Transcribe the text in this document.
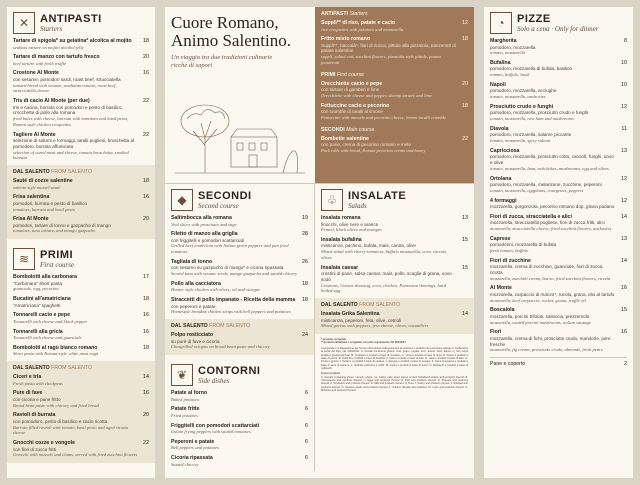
✕ ANTIPASTI
Starters
Tartare di spigola* su gelatina* alcolica al mojito
seabass tartare on mojito alcohol jelly
18
Tartare di manzo con tartufo fresco
beef tartare with fresh truffle
20
Crostone Al Monte
con sesame, pomodori sardi, roast beef, stracciatella
toasted bread with sesame, sardinian tomato, roast beef, stracciatella cheese
16
Tris di cacio Al Monte (per due)
tris e cacina, burrata con pomodori e pesto di basilico, crocchette di pollo alla romana
fried bates with cheese, burrata with tomatoes and basil pesto, Roman style chicken croquettes
22
Tagliere Al Monte
selezione di salumi e formaggi, taralli pugliesi, bruschetta al pomodoro, burrata affumicata
selection of cured meat and cheese, tomato bruschetta, smoked burrata
22
DAL SALENTO FROM SALENTO
Sauté di cozze salentine
salento style mussel sauté
18
Frisa salentina
pomodori, burrata e pesto di basilico
tomatoes, burrata and basil pesto
16
Frisa Al Monte
pomodori, tartare di tonno e gazpacho di mango
tomatoes, tuna tartare, and mango gazpacho
20
≋ PRIMI
First course
Bombolotti alla carbonara
"Carbonara" short pasta
guanciale, egg, pecorino
17
Bucatini all'amatriciana
"Amatriciana" spaghetti
18
Tonnarelli cacio e pepe
Tonnarelli with cheese and black pepper
16
Tonnarelli alla gricia
Tonnarelli with cheese and guanciale
16
Bombolotti al ragù bianco romano
Short pasta with Roman-style white meat ragù
18
DAL SALENTO FROM SALENTO
Ciceri e tria
Fresh pasta with chickpeas
14
Pure di fave
con cicoria e pane fritto
Broad bean paste with chicory and fried bread
16
Ravioli di burrata
con pomodoro, pesto di basilico e cacio ricotta
Burrata filled ravioli with tomato, basil pesto and aged ricotta cheese
20
Gnocchi cozze e vongole
con fiori di zucca fritti
Gnocchi with mussels and clams, served with fried zucchini flowers
22
Cuore Romano,
Animo Salentino.
Un viaggio tra due tradizioni culinarie
ricche di sapori
ANTIPASTI Starters
Supplì** di riso, patate e cacio
rice croquettes with potatoes and mozzarella
12
Fritto misto romano
Supplì**, baccalà*, fiori di zucca, pittule alla pizzaiola, panzerotti di patate salentine
supplì, salted cod, zucchini flowers, pizzaiola style pittule, potato panzerotti
18
PRIMI First course
Orecchiette cacio e pepe
con tartare di gamberi e lime
Orecchiette with cheese and pepper, shrimp tartare and lime
20
Fettuccine cacio e pecorino
con crumble di taralli al limone
Fettuccine with mussels and pecorino cheese, lemon taralli crumble
18
SECONDI Main course
Bombette salentine
con pane, crema di pecorino romano e mele
Pork rolls with bread, Roman pecorino cream and honey
22
◆	SECONDI
Second course
Saltimbocca alla romana
Veal slices with prosciutto and sage
19
Filetto di manzo alla griglia
con friggitelli e pomodori scattarciati
Grilled beef tenderloin with Italian green peppers and pan fried tomatoes
28
Tagliata di tonno
con sesamo su gazpacho di mango* e cicoria ripassata
Seared tuna with sesame seeds, mango gazpacho and sautéd chicory
26
Pollo alla cacciatora
Hunter style chicken with olives, oil and vinegar
18
Straccetti di pollo impanato - Ricetta della mamma
con peperoni e patate
Homestyle breaded chicken strips with bell peppers and potatoes
18
DAL SALENTO FROM SALENTO
Polpo rosticciato
su purè di fave e cicoria
Chargrilled octopus on broad bean paste and chicory
24
❦ CONTORNI
Side dishes
Patate al forno
Baked potatoes
6
Patate fritte
Fried potatoes
6
Friggitelli con pomodori scattarciati
Italian frying peppers with sautéd tomatoes
6
Peperoni e patate
Bell peppers and potatoes
6
Cicoria ripassata
Sautéd chicory
6
♧ INSALATE
Salads
Insalata romana
finocchi, olive nere e arance
Fennel, black olives and oranges
13
Insalata bufalina
misticanza, pachino, bufala, mais, carota, olive
Mixed salad with cherry tomatoes, buffalo mozzarella, corn, carrots, olives
15
Insalata caesar
crostini di pane, salsa caesar, mais, pollo, scaglie di grana, uovo sodo
Croutons, Caesar dressing, corn, chicken, Parmesan shavings, hard boiled egg
15
DAL SALENTO FROM SALENTO
Insalata Grika Salentina
misticanza, peperoni, feta, olive, cetrioli
Mixed greens with peppers, feta cheese, olives, cucumbers
14
* prodotto congelato
** prodotto abbattuto e congelato secondo regolamento CE 853/2004
Il personale è a disposizione per fornire informazioni sulla presenza di sostanze o prodotti che provocano allergie o intolleranze ai sensi del Reg. UE 1169/2011. A. Cereali contenenti glutine, cioè: grano, segale, orzo, avena, farro, kamut o i loro ceppi ibridati e prodotti derivati. B. Crostacei e prodotti a base di crostacei. C. Uova e prodotti a base di uova. D. Pesce e prodotti a base di pesce. E. Arachidi e prodotti a base di arachidi. F. Soia e prodotti a base di soia. G. Latte e prodotti a base di latte. H. Frutta a guscio. I. Sedano e prodotti a base di sedano. J. Senape e prodotti a base di senape. K. Semi di sesamo e prodotti a base di semi di sesamo. L. Anidride solforosa e solfiti. M. Lupini e prodotti a base di lupini. N. Molluschi e prodotti a base di molluschi.
Frozen product
A. Cereals containing gluten, namely: wheat, rye, barley, oats, spelt, kamut or their hybridised strains, and products thereof. B. Crustaceans and products thereof. C. Eggs and products thereof. D. Fish and products thereof. E. Peanuts and products thereof. F. Soybeans and products thereof. G. Milk and products thereof. H. Nuts. I. Celery and products thereof. J. Mustard and products thereof. K. Sesame seeds and products thereof. L. Sulphur dioxide and sulphites. M. Lupin and products thereof. N. Molluscs and products thereof.
◔	PIZZE
Solo a cena · Only for dinner
Margherita
pomodoro, mozzarella
tomato, mozzarella
8
Bufalina
pomodoro, mozzarella di bufala, basilico
tomato, buffalo, basil
10
Napoli
pomodoro, mozzarella, acciughe
tomato, mozzarella, anchovies
10
Prosciutto crudo e funghi
pomodoro, mozzarella, prosciutto crudo e funghi
tomato, mozzarella, raw ham and mushrooms
12
Diavola
pomodoro, mozzarella, salame piccante
tomato, mozzarella, spicy salami
11
Capricciosa
pomodoro, mozzarella, prosciutto cotto, carciofi, funghi, uovo e olive
tomato, mozzarella, ham, artichokes, mushrooms, egg and olives
13
Ortolana
pomodoro, mozzarella, melanzane, zucchine, peperoni
tomato, mozzarella, eggplants, courgettes, peppers
12
4 formaggi
mozzarella, gorgonzola, pecorino romano dop, grana padano
12
Fiori di zucca, stracciatella e alici
mozzarella, stracciatella pugliese, fiori di zucca fritti, alici
mozzarella, stracciatella cheese, fried zucchini flowers, anchovies
14
Caprese
pomodorini, mozzarella di bufala
fresh tomato, buffalo
13
Fiori di zucchine
mozzarella, crema di zucchine, guanciale, fiori di zucca, ricotta
mozzarella, zucchini cream, bacon, fried zucchini flowers, ricotta
14
Al Monte
mozzarella, carpaccio di manzo*, rucola, grana, olio al tartufo
mozzarella, beef carpaccio, rocket, grana, truffle oil
16
Boscaiola
mozzarella, porcini trifolati, salsiccia, prezzemolo
mozzarella, sautéd porcini mushrooms, italian sausage
15
Fiorì
mozzarella, crema di fichi, prosciutto crudo, mandorle, pere fresche
mozzarella, fig cream, prosciutto crudo, almonds, fresh pears
16
Pane e coperto	2
